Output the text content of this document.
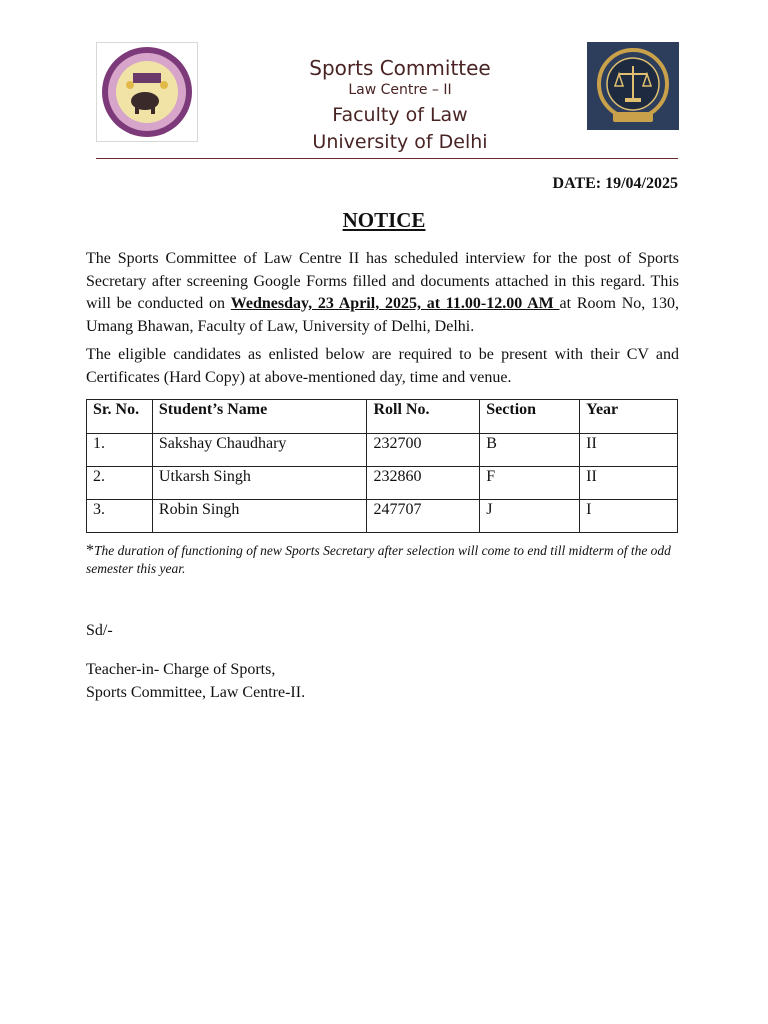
Sports Committee
Law Centre – II
Faculty of Law
University of Delhi
DATE: 19/04/2025
NOTICE

The Sports Committee of Law Centre II has scheduled interview for the post of Sports Secretary after screening Google Forms filled and documents attached in this regard. This will be conducted on Wednesday, 23 April, 2025, at 11.00-12.00 AM at Room No, 130, Umang Bhawan, Faculty of Law, University of Delhi, Delhi.

The eligible candidates as enlisted below are required to be present with their CV and Certificates (Hard Copy) at above-mentioned day, time and venue.

Sr. No.	Student’s Name	Roll No.	Section	Year
1.	Sakshay Chaudhary	232700	B	II
2.	Utkarsh Singh	232860	F	II
3.	Robin Singh	247707	J	I

*The duration of functioning of new Sports Secretary after selection will come to end till midterm of the odd semester this year.

Sd/-
Teacher-in- Charge of Sports,
Sports Committee, Law Centre-II.
